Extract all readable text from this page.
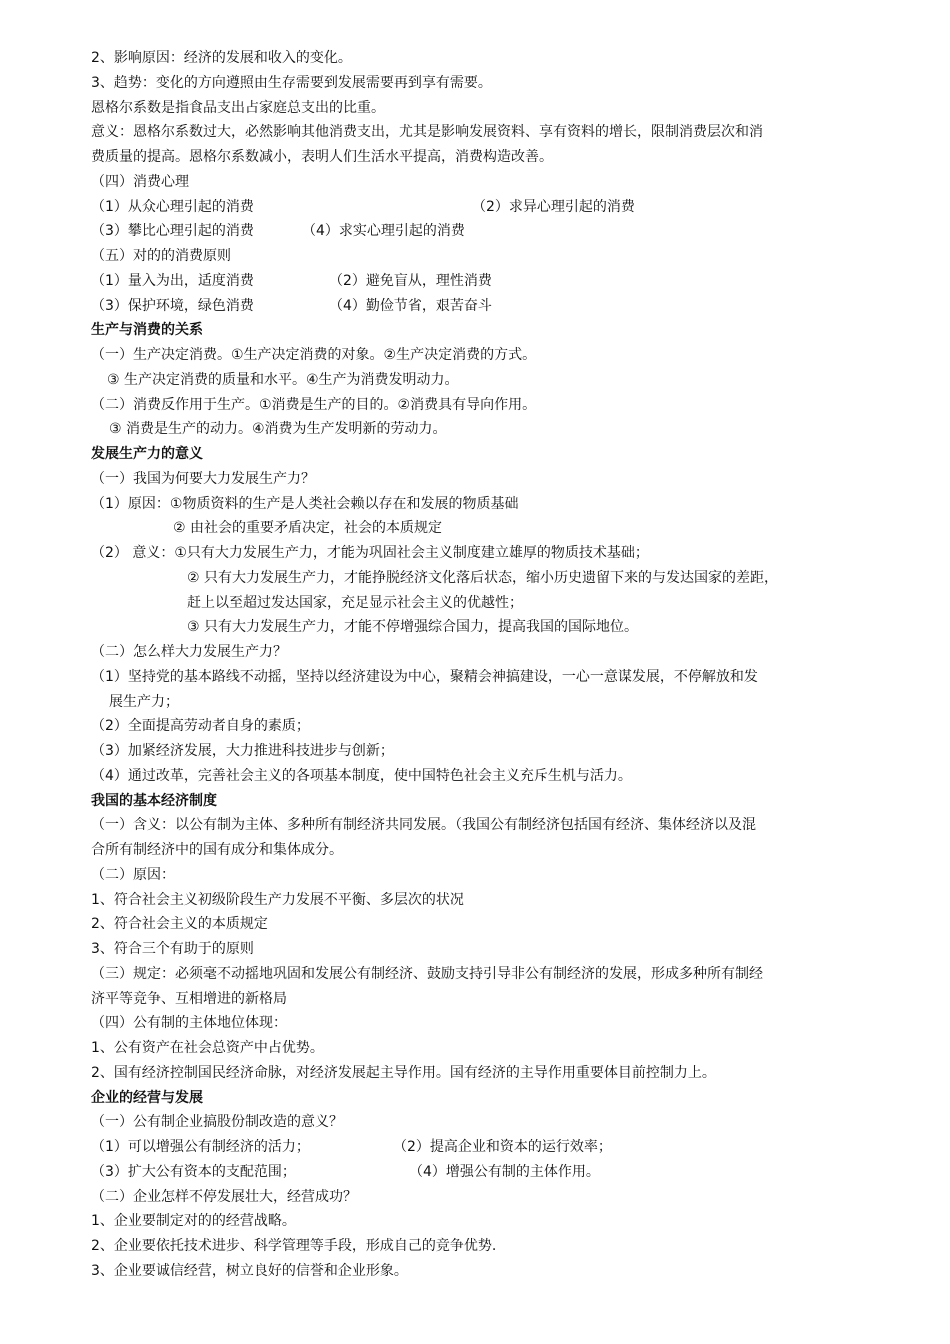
2、影响原因：经济的发展和收入的变化。
3、趋势：变化的方向遵照由生存需要到发展需要再到享有需要。
恩格尔系数是指食品支出占家庭总支出的比重。
意义：恩格尔系数过大，必然影响其他消费支出，尤其是影响发展资料、享有资料的增长，限制消费层次和消
费质量的提高。恩格尔系数减小，表明人们生活水平提高，消费构造改善。
（四）消费心理
（1）从众心理引起的消费	（2）求异心理引起的消费
（3）攀比心理引起的消费	（4）求实心理引起的消费
（五）对的的消费原则
（1）量入为出，适度消费	（2）避免盲从，理性消费
（3）保护环境，绿色消费	（4）勤俭节省，艰苦奋斗
生产与消费的关系
（一）生产决定消费。①生产决定消费的对象。②生产决定消费的方式。
③ 生产决定消费的质量和水平。④生产为消费发明动力。
（二）消费反作用于生产。①消费是生产的目的。②消费具有导向作用。
③ 消费是生产的动力。④消费为生产发明新的劳动力。
发展生产力的意义
（一）我国为何要大力发展生产力？
（1）原因：①物质资料的生产是人类社会赖以存在和发展的物质基础
② 由社会的重要矛盾决定，社会的本质规定
（2） 意义：①只有大力发展生产力，才能为巩固社会主义制度建立雄厚的物质技术基础；
② 只有大力发展生产力，才能挣脱经济文化落后状态，缩小历史遗留下来的与发达国家的差距，
赶上以至超过发达国家，充足显示社会主义的优越性；
③ 只有大力发展生产力，才能不停增强综合国力，提高我国的国际地位。
（二）怎么样大力发展生产力？
（1）坚持党的基本路线不动摇，坚持以经济建设为中心，聚精会神搞建设，一心一意谋发展，不停解放和发
展生产力；
（2）全面提高劳动者自身的素质；
（3）加紧经济发展，大力推进科技进步与创新；
（4）通过改革，完善社会主义的各项基本制度，使中国特色社会主义充斥生机与活力。
我国的基本经济制度
（一）含义：以公有制为主体、多种所有制经济共同发展。（我国公有制经济包括国有经济、集体经济以及混
合所有制经济中的国有成分和集体成分。
（二）原因：
1、符合社会主义初级阶段生产力发展不平衡、多层次的状况
2、符合社会主义的本质规定
3、符合三个有助于的原则
（三）规定：必须毫不动摇地巩固和发展公有制经济、鼓励支持引导非公有制经济的发展，形成多种所有制经
济平等竞争、互相增进的新格局
（四）公有制的主体地位体现：
1、公有资产在社会总资产中占优势。
2、国有经济控制国民经济命脉，对经济发展起主导作用。国有经济的主导作用重要体目前控制力上。
企业的经营与发展
（一）公有制企业搞股份制改造的意义？
（1）可以增强公有制经济的活力；	（2）提高企业和资本的运行效率；
（3）扩大公有资本的支配范围；	（4）增强公有制的主体作用。
（二）企业怎样不停发展壮大，经营成功？
1、企业要制定对的的经营战略。
2、企业要依托技术进步、科学管理等手段，形成自己的竞争优势.
3、企业要诚信经营，树立良好的信誉和企业形象。
